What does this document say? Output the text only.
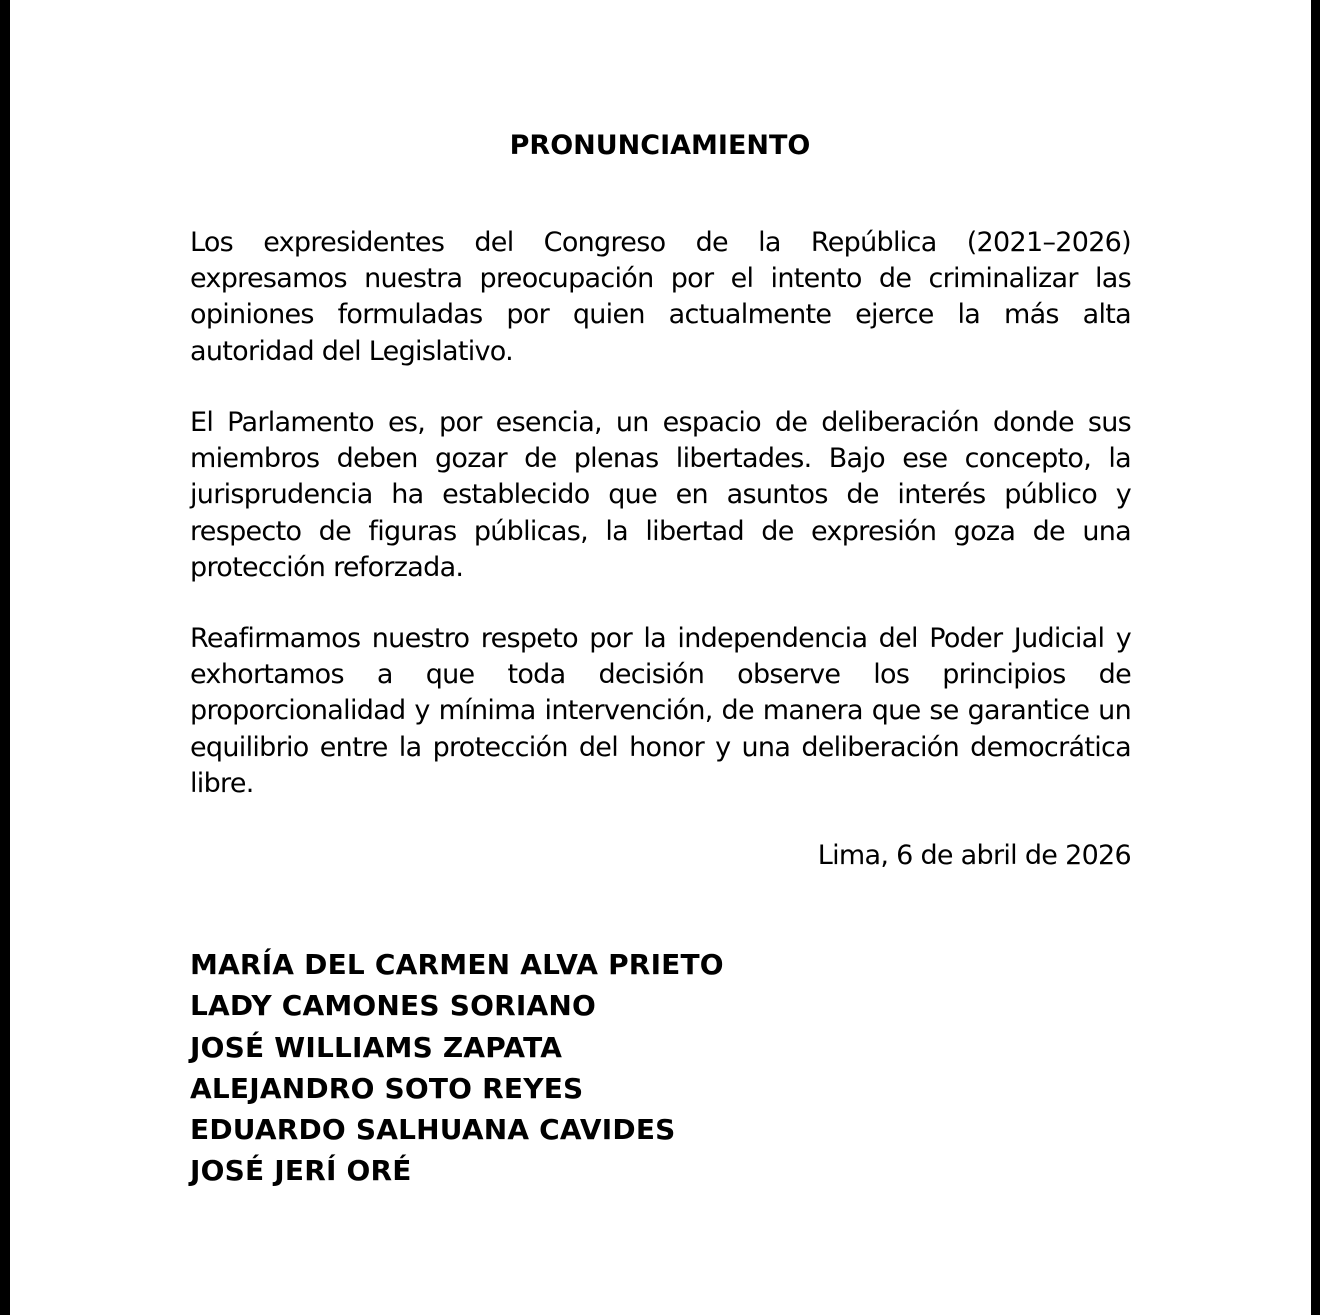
PRONUNCIAMIENTO

Los expresidentes del Congreso de la República (2021–2026) expresamos nuestra preocupación por el intento de criminalizar las opiniones formuladas por quien actualmente ejerce la más alta autoridad del Legislativo.

El Parlamento es, por esencia, un espacio de deliberación donde sus miembros deben gozar de plenas libertades. Bajo ese concepto, la jurisprudencia ha establecido que en asuntos de interés público y respecto de figuras públicas, la libertad de expresión goza de una protección reforzada.

Reafirmamos nuestro respeto por la independencia del Poder Judicial y exhortamos a que toda decisión observe los principios de proporcionalidad y mínima intervención, de manera que se garantice un equilibrio entre la protección del honor y una deliberación democrática libre.

Lima, 6 de abril de 2026
MARÍA DEL CARMEN ALVA PRIETO
LADY CAMONES SORIANO
JOSÉ WILLIAMS ZAPATA
ALEJANDRO SOTO REYES
EDUARDO SALHUANA CAVIDES
JOSÉ JERÍ ORÉ
